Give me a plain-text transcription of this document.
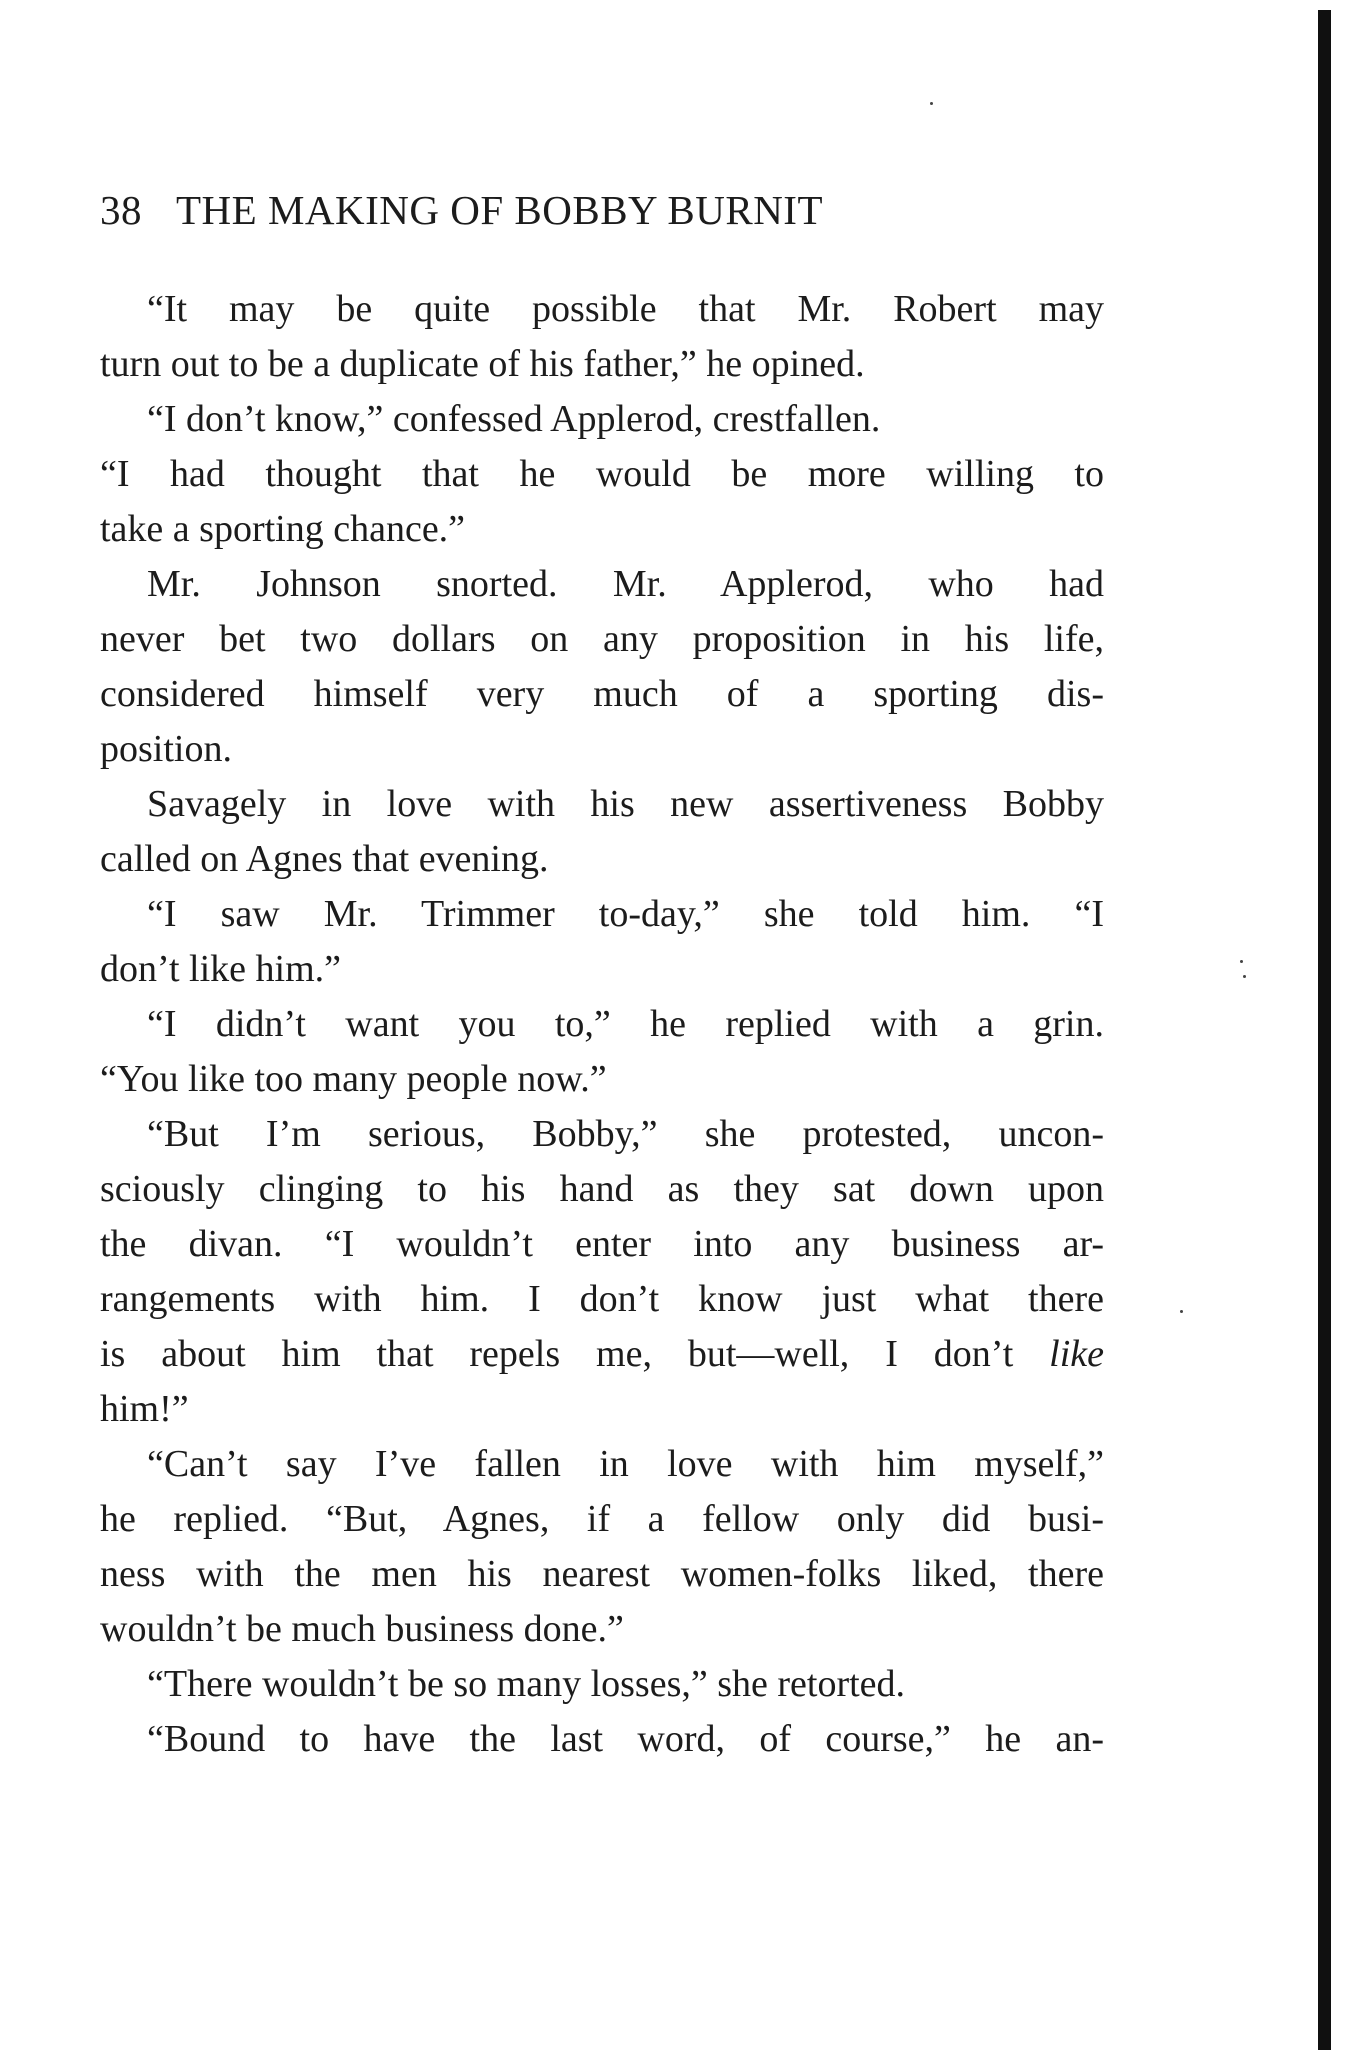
38 THE MAKING OF BOBBY BURNIT
“It may be quite possible that Mr. Robert may
turn out to be a duplicate of his father,” he opined.
“I don’t know,” confessed Applerod, crestfallen.
“I had thought that he would be more willing to
take a sporting chance.”
Mr. Johnson snorted. Mr. Applerod, who had
never bet two dollars on any proposition in his life,
considered himself very much of a sporting dis-
position.
Savagely in love with his new assertiveness Bobby
called on Agnes that evening.
“I saw Mr. Trimmer to-day,” she told him. “I
don’t like him.”
“I didn’t want you to,” he replied with a grin.
“You like too many people now.”
“But I’m serious, Bobby,” she protested, uncon-
sciously clinging to his hand as they sat down upon
the divan. “I wouldn’t enter into any business ar-
rangements with him. I don’t know just what there
is about him that repels me, but—well, I don’t like
him!”
“Can’t say I’ve fallen in love with him myself,”
he replied. “But, Agnes, if a fellow only did busi-
ness with the men his nearest women-folks liked, there
wouldn’t be much business done.”
“There wouldn’t be so many losses,” she retorted.
“Bound to have the last word, of course,” he an-
